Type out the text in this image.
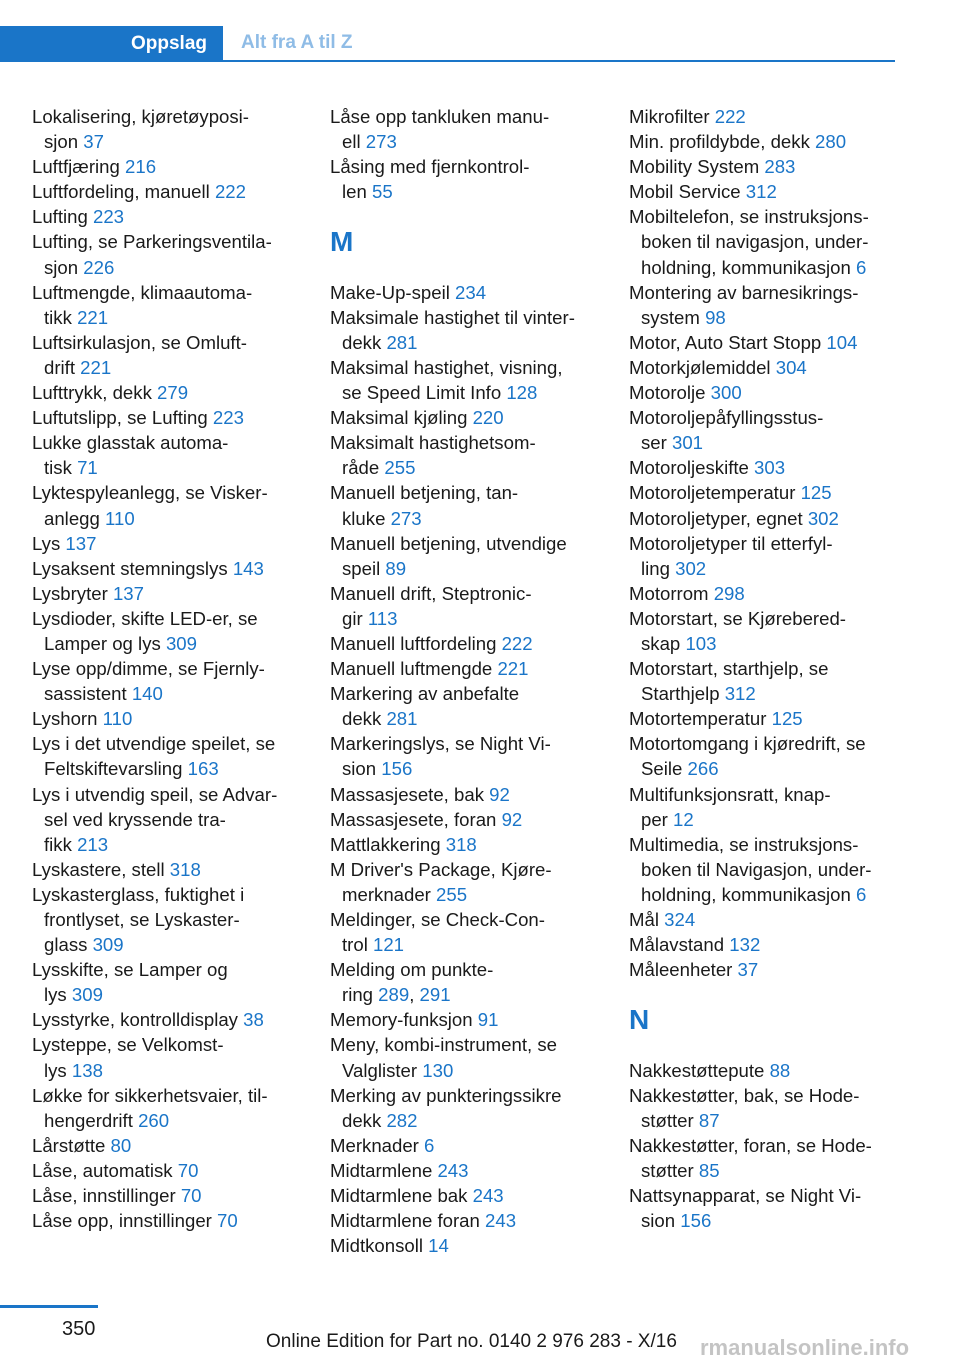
Oppslag	Alt fra A til Z
Lokalisering, kjøretøyposi-
sjon 37
Luftfjæring 216
Luftfordeling, manuell 222
Lufting 223
Lufting, se Parkeringsventila-
sjon 226
Luftmengde, klimaautoma-
tikk 221
Luftsirkulasjon, se Omluft-
drift 221
Lufttrykk, dekk 279
Luftutslipp, se Lufting 223
Lukke glasstak automa-
tisk 71
Lyktespyleanlegg, se Visker-
anlegg 110
Lys 137
Lysaksent stemningslys 143
Lysbryter 137
Lysdioder, skifte LED-er, se
Lamper og lys 309
Lyse opp/dimme, se Fjernly-
sassistent 140
Lyshorn 110
Lys i det utvendige speilet, se
Feltskiftevarsling 163
Lys i utvendig speil, se Advar-
sel ved kryssende tra-
fikk 213
Lyskastere, stell 318
Lyskasterglass, fuktighet i
frontlyset, se Lyskaster-
glass 309
Lysskifte, se Lamper og
lys 309
Lysstyrke, kontrolldisplay 38
Lysteppe, se Velkomst-
lys 138
Løkke for sikkerhetsvaier, til-
hengerdrift 260
Lårstøtte 80
Låse, automatisk 70
Låse, innstillinger 70
Låse opp, innstillinger 70
Låse opp tankluken manu-
ell 273
Låsing med fjernkontrol-
len 55
M
Make-Up-speil 234
Maksimale hastighet til vinter-
dekk 281
Maksimal hastighet, visning,
se Speed Limit Info 128
Maksimal kjøling 220
Maksimalt hastighetsom-
råde 255
Manuell betjening, tan-
kluke 273
Manuell betjening, utvendige
speil 89
Manuell drift, Steptronic-
gir 113
Manuell luftfordeling 222
Manuell luftmengde 221
Markering av anbefalte
dekk 281
Markeringslys, se Night Vi-
sion 156
Massasjesete, bak 92
Massasjesete, foran 92
Mattlakkering 318
M Driver's Package, Kjøre-
merknader 255
Meldinger, se Check-Con-
trol 121
Melding om punkte-
ring 289, 291
Memory-funksjon 91
Meny, kombi-instrument, se
Valglister 130
Merking av punkteringssikre
dekk 282
Merknader 6
Midtarmlene 243
Midtarmlene bak 243
Midtarmlene foran 243
Midtkonsoll 14
Mikrofilter 222
Min. profildybde, dekk 280
Mobility System 283
Mobil Service 312
Mobiltelefon, se instruksjons-
boken til navigasjon, under-
holdning, kommunikasjon 6
Montering av barnesikrings-
system 98
Motor, Auto Start Stopp 104
Motorkjølemiddel 304
Motorolje 300
Motoroljepåfyllingsstus-
ser 301
Motoroljeskifte 303
Motoroljetemperatur 125
Motoroljetyper, egnet 302
Motoroljetyper til etterfyl-
ling 302
Motorrom 298
Motorstart, se Kjørebered-
skap 103
Motorstart, starthjelp, se
Starthjelp 312
Motortemperatur 125
Motortomgang i kjøredrift, se
Seile 266
Multifunksjonsratt, knap-
per 12
Multimedia, se instruksjons-
boken til Navigasjon, under-
holdning, kommunikasjon 6
Mål 324
Målavstand 132
Måleenheter 37
N
Nakkestøttepute 88
Nakkestøtter, bak, se Hode-
støtter 87
Nakkestøtter, foran, se Hode-
støtter 85
Nattsynapparat, se Night Vi-
sion 156
350
Online Edition for Part no. 0140 2 976 283 - X/16 rmanualsonline.info
